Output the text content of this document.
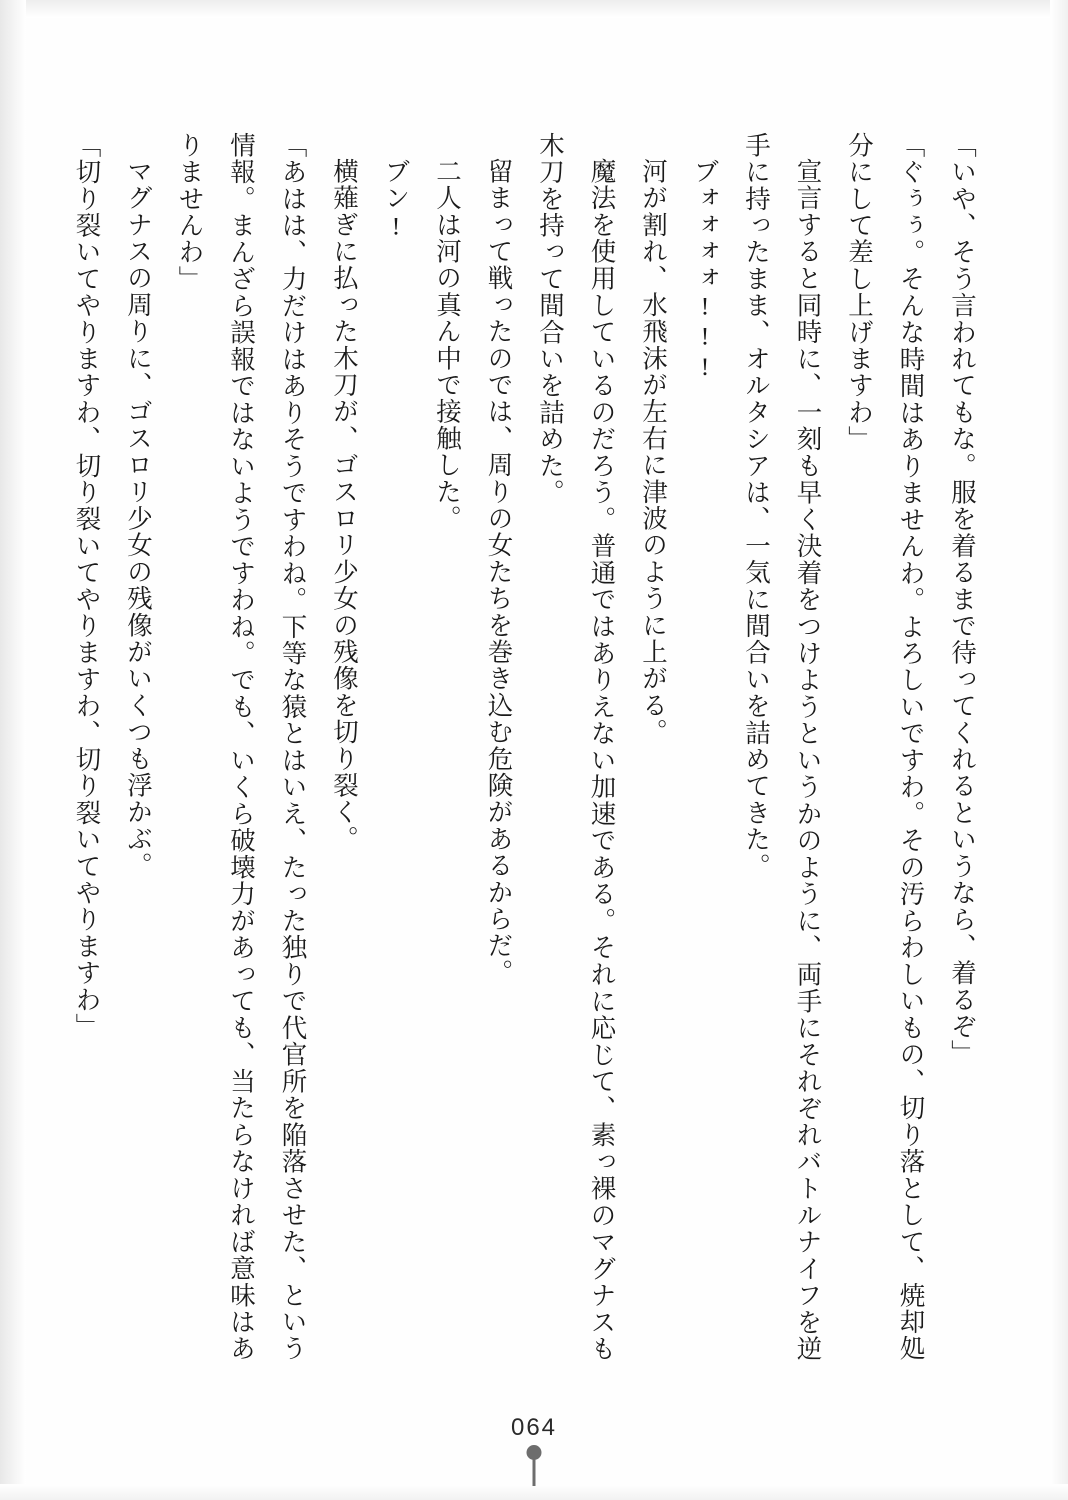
「いや、そう言われてもな。服を着るまで待ってくれるというなら、着るぞ」

「ぐぅぅ。そんな時間はありませんわ。よろしいですわ。その汚らわしいもの、切り落として、焼却処分にして差し上げますわ」

宣言すると同時に、一刻も早く決着をつけようというかのように、両手にそれぞれバトルナイフを逆手に持ったまま、オルタシアは、一気に間合いを詰めてきた。

ブォォォォ!!!

河が割れ、水飛沫が左右に津波のように上がる。

魔法を使用しているのだろう。普通ではありえない加速である。それに応じて、素っ裸のマグナスも木刀を持って間合いを詰めた。

留まって戦ったのでは、周りの女たちを巻き込む危険があるからだ。

二人は河の真ん中で接触した。

ブン!

横薙ぎに払った木刀が、ゴスロリ少女の残像を切り裂く。

「あはは、力だけはありそうですわね。下等な猿とはいえ、たった独りで代官所を陥落させた、という情報。まんざら誤報ではないようですわね。でも、いくら破壊力があっても、当たらなければ意味はありませんわ」

マグナスの周りに、ゴスロリ少女の残像がいくつも浮かぶ。

「切り裂いてやりますわ、切り裂いてやりますわ、切り裂いてやりますわ」

064
